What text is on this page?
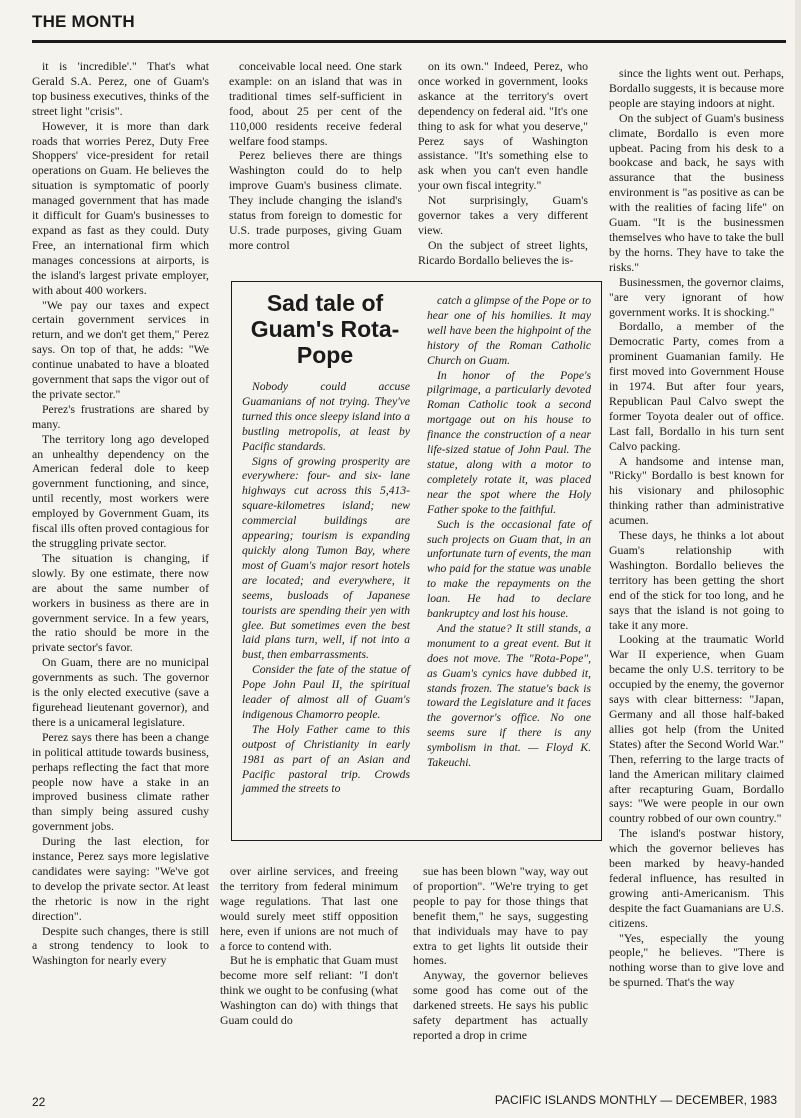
THE MONTH

it is 'incredible'." That's what Gerald S.A. Perez, one of Guam's top business executives, thinks of the street light "crisis".

However, it is more than dark roads that worries Perez, Duty Free Shoppers' vice-president for retail operations on Guam. He believes the situation is symptomatic of poorly managed government that has made it difficult for Guam's businesses to expand as fast as they could. Duty Free, an international firm which manages concessions at airports, is the island's largest private employer, with about 400 workers.

"We pay our taxes and expect certain government services in return, and we don't get them," Perez says. On top of that, he adds: "We continue unabated to have a bloated government that saps the vigor out of the private sector."

Perez's frustrations are shared by many.

The territory long ago developed an unhealthy dependency on the American federal dole to keep government functioning, and since, until recently, most workers were employed by Government Guam, its fiscal ills often proved contagious for the struggling private sector.

The situation is changing, if slowly. By one estimate, there now are about the same number of workers in business as there are in government service. In a few years, the ratio should be more in the private sector's favor.

On Guam, there are no municipal governments as such. The governor is the only elected executive (save a figurehead lieutenant governor), and there is a unicameral legislature.

Perez says there has been a change in political attitude towards business, perhaps reflecting the fact that more people now have a stake in an improved business climate rather than simply being assured cushy government jobs.

During the last election, for instance, Perez says more legislative candidates were saying: "We've got to develop the private sector. At least the rhetoric is now in the right direction".

Despite such changes, there is still a strong tendency to look to Washington for nearly every

conceivable local need. One stark example: on an island that was in traditional times self-sufficient in food, about 25 per cent of the 110,000 residents receive federal welfare food stamps.

Perez believes there are things Washington could do to help improve Guam's business climate. They include changing the island's status from foreign to domestic for U.S. trade purposes, giving Guam more control

on its own." Indeed, Perez, who once worked in government, looks askance at the territory's overt dependency on federal aid. "It's one thing to ask for what you deserve," Perez says of Washington assistance. "It's something else to ask when you can't even handle your own fiscal integrity."

Not surprisingly, Guam's governor takes a very different view.

On the subject of street lights, Ricardo Bordallo believes the is-

since the lights went out. Perhaps, Bordallo suggests, it is because more people are staying indoors at night.

On the subject of Guam's business climate, Bordallo is even more upbeat. Pacing from his desk to a bookcase and back, he says with assurance that the business environment is "as positive as can be with the realities of facing life" on Guam. "It is the businessmen themselves who have to take the bull by the horns. They have to take the risks."

Businessmen, the governor claims, "are very ignorant of how government works. It is shocking."

Bordallo, a member of the Democratic Party, comes from a prominent Guamanian family. He first moved into Government House in 1974. But after four years, Republican Paul Calvo swept the former Toyota dealer out of office. Last fall, Bordallo in his turn sent Calvo packing.

A handsome and intense man, "Ricky" Bordallo is best known for his visionary and philosophic thinking rather than administrative acumen.

These days, he thinks a lot about Guam's relationship with Washington. Bordallo believes the territory has been getting the short end of the stick for too long, and he says that the island is not going to take it any more.

Looking at the traumatic World War II experience, when Guam became the only U.S. territory to be occupied by the enemy, the governor says with clear bitterness: "Japan, Germany and all those half-baked allies got help (from the United States) after the Second World War." Then, referring to the large tracts of land the American military claimed after recapturing Guam, Bordallo says: "We were people in our own country robbed of our own country."

The island's postwar history, which the governor believes has been marked by heavy-handed federal influence, has resulted in growing anti-Americanism. This despite the fact Guamanians are U.S. citizens.

"Yes, especially the young people," he believes. "There is nothing worse than to give love and be spurned. That's the way

Sad tale of Guam's Rota-Pope

Nobody could accuse Guamanians of not trying. They've turned this once sleepy island into a bustling metropolis, at least by Pacific standards.

Signs of growing prosperity are everywhere: four- and six- lane highways cut across this 5,413-square-kilometres island; new commercial buildings are appearing; tourism is expanding quickly along Tumon Bay, where most of Guam's major resort hotels are located; and everywhere, it seems, busloads of Japanese tourists are spending their yen with glee. But sometimes even the best laid plans turn, well, if not into a bust, then embarrassments.

Consider the fate of the statue of Pope John Paul II, the spiritual leader of almost all of Guam's indigenous Chamorro people.

The Holy Father came to this outpost of Christianity in early 1981 as part of an Asian and Pacific pastoral trip. Crowds jammed the streets to

catch a glimpse of the Pope or to hear one of his homilies. It may well have been the highpoint of the history of the Roman Catholic Church on Guam.

In honor of the Pope's pilgrimage, a particularly devoted Roman Catholic took a second mortgage out on his house to finance the construction of a near life-sized statue of John Paul. The statue, along with a motor to completely rotate it, was placed near the spot where the Holy Father spoke to the faithful.

Such is the occasional fate of such projects on Guam that, in an unfortunate turn of events, the man who paid for the statue was unable to make the repayments on the loan. He had to declare bankruptcy and lost his house.

And the statue? It still stands, a monument to a great event. But it does not move. The "Rota-Pope", as Guam's cynics have dubbed it, stands frozen. The statue's back is toward the Legislature and it faces the governor's office. No one seems sure if there is any symbolism in that. — Floyd K. Takeuchi.

over airline services, and freeing the territory from federal minimum wage regulations. That last one would surely meet stiff opposition here, even if unions are not much of a force to contend with.

But he is emphatic that Guam must become more self reliant: "I don't think we ought to be confusing (what Washington can do) with things that Guam could do

sue has been blown "way, way out of proportion". "We're trying to get people to pay for those things that benefit them," he says, suggesting that individuals may have to pay extra to get lights lit outside their homes.

Anyway, the governor believes some good has come out of the darkened streets. He says his public safety department has actually reported a drop in crime

22	PACIFIC ISLANDS MONTHLY — DECEMBER, 1983
